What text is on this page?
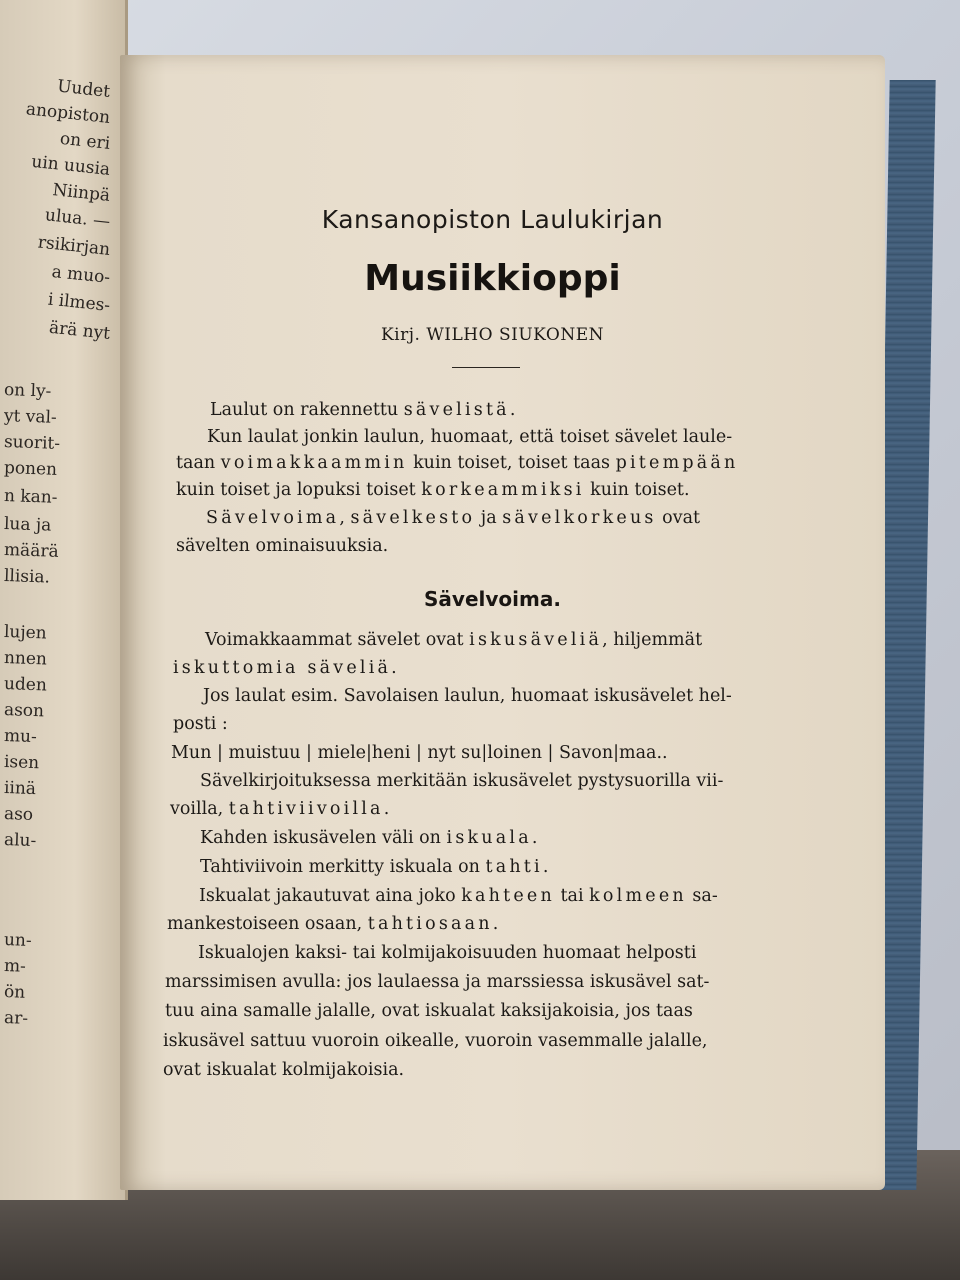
Uudet
anopiston
on eri
uin uusia
Niinpä
ulua. —
rsikirjan
a muo-
i ilmes-
ärä nyt
on ly-
yt val-
suorit-
ponen
n kan-
lua ja
määrä
llisia.
lujen
nnen
uden
ason
mu-
isen
iinä
aso
alu-
un-
m-
ön
ar-
Kansanopiston Laulukirjan
Musiikkioppi
Kirj. WILHO SIUKONEN
Laulut on rakennettu sävelistä.
Kun laulat jonkin laulun, huomaat, että toiset sävelet laule-
taan voimakkaammin kuin toiset, toiset taas pitempään
kuin toiset ja lopuksi toiset korkeammiksi kuin toiset.
Sävelvoima, sävelkesto ja sävelkorkeus ovat
sävelten ominaisuuksia.
Sävelvoima.
Voimakkaammat sävelet ovat iskusäveliä, hiljemmät
iskuttomia säveliä.
Jos laulat esim. Savolaisen laulun, huomaat iskusävelet hel-
posti :
Mun | muistuu | miele|heni | nyt su|loinen | Savon|maa..
Sävelkirjoituksessa merkitään iskusävelet pystysuorilla vii-
voilla, tahtiviivoilla.
Kahden iskusävelen väli on iskuala.
Tahtiviivoin merkitty iskuala on tahti.
Iskualat jakautuvat aina joko kahteen tai kolmeen sa-
mankestoiseen osaan, tahtiosaan.
Iskualojen kaksi- tai kolmijakoisuuden huomaat helposti
marssimisen avulla: jos laulaessa ja marssiessa iskusävel sat-
tuu aina samalle jalalle, ovat iskualat kaksijakoisia, jos taas
iskusävel sattuu vuoroin oikealle, vuoroin vasemmalle jalalle,
ovat iskualat kolmijakoisia.
